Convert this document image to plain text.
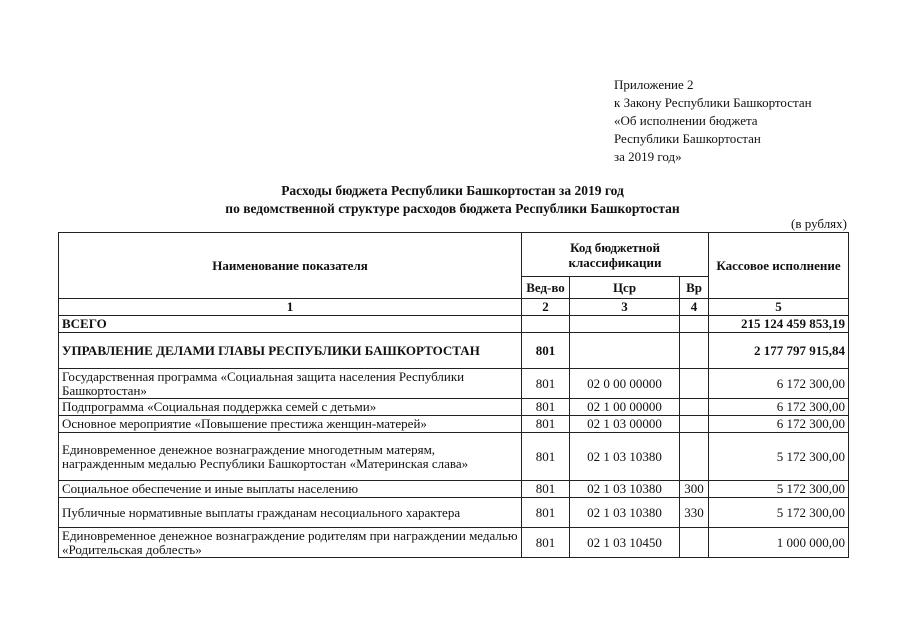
Приложение 2
к Закону Республики Башкортостан
«Об исполнении бюджета
Республики Башкортостан
за 2019 год»
Расходы бюджета Республики Башкортостан за 2019 год
по ведомственной структуре расходов бюджета Республики Башкортостан
(в рублях)
Наименование показателя	Код бюджетной классификации			Кассовое исполнение
	Вед-во	Цср	Вр	
1	2	3	4	5
ВСЕГО				215 124 459 853,19
УПРАВЛЕНИЕ ДЕЛАМИ ГЛАВЫ РЕСПУБЛИКИ БАШКОРТОСТАН	801			2 177 797 915,84
Государственная программа «Социальная защита населения Республики Башкортостан»	801	02 0 00 00000		6 172 300,00
Подпрограмма «Социальная поддержка семей с детьми»	801	02 1 00 00000		6 172 300,00
Основное мероприятие «Повышение престижа женщин-матерей»	801	02 1 03 00000		6 172 300,00
Единовременное денежное вознаграждение многодетным матерям, награжденным медалью Республики Башкортостан «Материнская слава»	801	02 1 03 10380		5 172 300,00
Социальное обеспечение и иные выплаты населению	801	02 1 03 10380	300	5 172 300,00
Публичные нормативные выплаты гражданам несоциального характера	801	02 1 03 10380	330	5 172 300,00
Единовременное денежное вознаграждение родителям при награждении медалью «Родительская доблесть»	801	02 1 03 10450		1 000 000,00
